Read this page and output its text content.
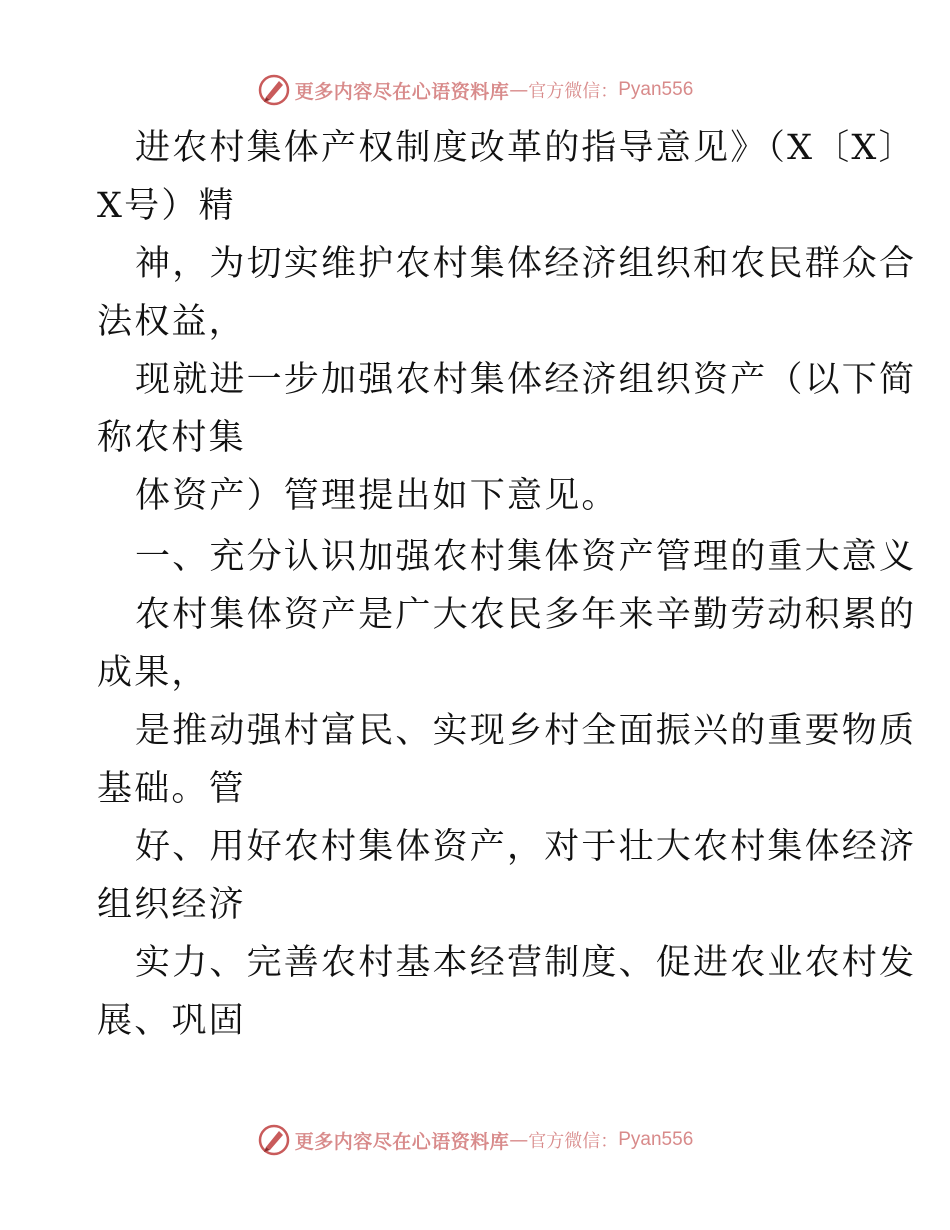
更多内容尽在心语资料库 — 官方微信： Pyan556
进农村集体产权制度改革的指导意见》（X〔X〕
X号）精
神，为切实维护农村集体经济组织和农民群众合
法权益，
现就进一步加强农村集体经济组织资产（以下简
称农村集
体资产）管理提出如下意见。
一、充分认识加强农村集体资产管理的重大意义
农村集体资产是广大农民多年来辛勤劳动积累的
成果，
是推动强村富民、实现乡村全面振兴的重要物质
基础。管
好、用好农村集体资产，对于壮大农村集体经济
组织经济
实力、完善农村基本经营制度、促进农业农村发
展、巩固
更多内容尽在心语资料库 — 官方微信： Pyan556
